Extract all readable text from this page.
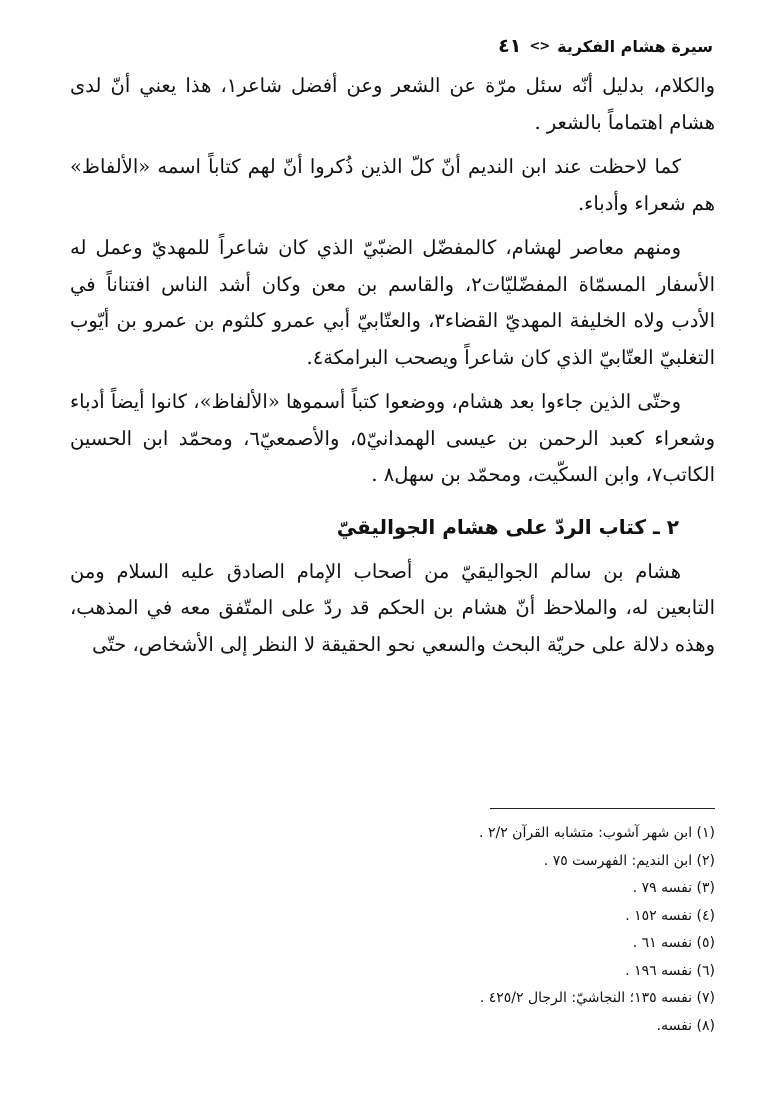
٤١ <> سيرة هشام الفكرية

والكلام، بدليل أنّه سئل مرّة عن الشعر وعن أفضل شاعر١، هذا يعني أنّ لدى هشام اهتماماً بالشعر .

كما لاحظت عند ابن النديم أنّ كلّ الذين ذُكروا أنّ لهم كتاباً اسمه «الألفاظ» هم شعراء وأدباء.

ومنهم معاصر لهشام، كالمفضّل الضبّيّ الذي كان شاعراً للمهديّ وعمل له الأسفار المسمّاة المفضّليّات٢، والقاسم بن معن وكان أشد الناس افتناناً في الأدب ولاه الخليفة المهديّ القضاء٣، والعتّابيّ أبي عمرو كلثوم بن عمرو بن أيّوب التغلبيّ العتّابيّ الذي كان شاعراً ويصحب البرامكة٤.

وحتّى الذين جاءوا بعد هشام، ووضعوا كتباً أسموها «الألفاظ»، كانوا أيضاً أدباء وشعراء كعبد الرحمن بن عيسى الهمدانيّ٥، والأصمعيّ٦، ومحمّد ابن الحسين الكاتب٧، وابن السكّيت، ومحمّد بن سهل٨ .

٢ ـ كتاب الردّ على هشام الجواليقيّ

هشام بن سالم الجواليقيّ من أصحاب الإمام الصادق عليه السلام ومن التابعين له، والملاحظ أنّ هشام بن الحكم قد ردّ على المتّفق معه في المذهب، وهذه دلالة على حريّة البحث والسعي نحو الحقيقة لا النظر إلى الأشخاص، حتّى

(١) ابن شهر آشوب: متشابه القرآن ٢/٢ .
(٢) ابن النديم: الفهرست ٧٥ .
(٣) نفسه ٧٩ .
(٤) نفسه ١٥٢ .
(٥) نفسه ٦١ .
(٦) نفسه ١٩٦ .
(٧) نفسه ١٣٥؛ النجاشيّ: الرجال ٤٢٥/٢ .
(٨) نفسه.
